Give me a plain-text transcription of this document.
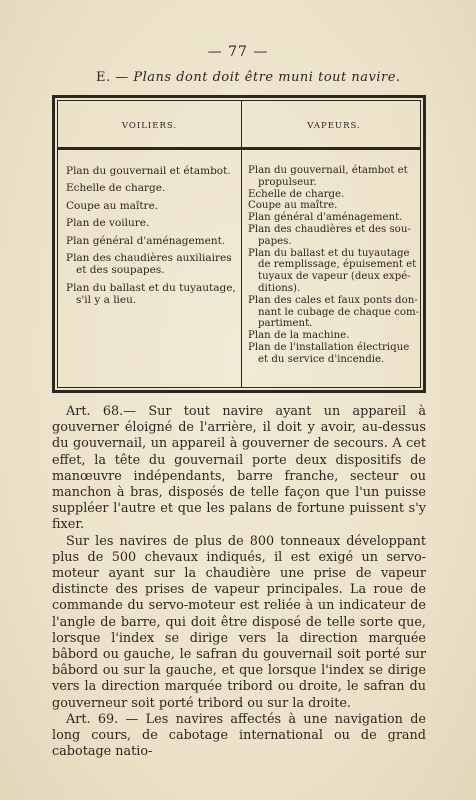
— 77 —
E. — Plans dont doit être muni tout navire.
VOILIERS.	VAPEURS.
Plan du gouvernail et étambot.
Echelle de charge.
Coupe au maître.
Plan de voilure.
Plan général d'aménagement.
Plan des chaudières auxiliaires
et des soupapes.
Plan du ballast et du tuyautage,
s'il y a lieu.
Plan du gouvernail, étambot et
propulseur.
Echelle de charge.
Coupe au maître.
Plan général d'aménagement.
Plan des chaudières et des sou-
papes.
Plan du ballast et du tuyautage
de remplissage, épuisement et
tuyaux de vapeur (deux expé-
ditions).
Plan des cales et faux ponts don-
nant le cubage de chaque com-
partiment.
Plan de la machine.
Plan de l'installation électrique
et du service d'incendie.

Art. 68.— Sur tout navire ayant un appareil à gouverner éloigné de l'arrière, il doit y avoir, au-dessus du gouvernail, un appareil à gouverner de secours. A cet effet, la tête du gouvernail porte deux dispositifs de manœuvre indépendants, barre franche, secteur ou manchon à bras, disposés de telle façon que l'un puisse suppléer l'autre et que les palans de fortune puissent s'y fixer.

Sur les navires de plus de 800 tonneaux développant plus de 500 chevaux indiqués, il est exigé un servo-moteur ayant sur la chaudière une prise de vapeur distincte des prises de vapeur principales. La roue de commande du servo-moteur est reliée à un indicateur de l'angle de barre, qui doit être disposé de telle sorte que, lorsque l'index se dirige vers la direction marquée bâbord ou gauche, le safran du gouvernail soit porté sur bâbord ou sur la gauche, et que lorsque l'index se dirige vers la direction marquée tribord ou droite, le safran du gouverneur soit porté tribord ou sur la droite.

Art. 69. — Les navires affectés à une navigation de long cours, de cabotage international ou de grand cabotage natio-
